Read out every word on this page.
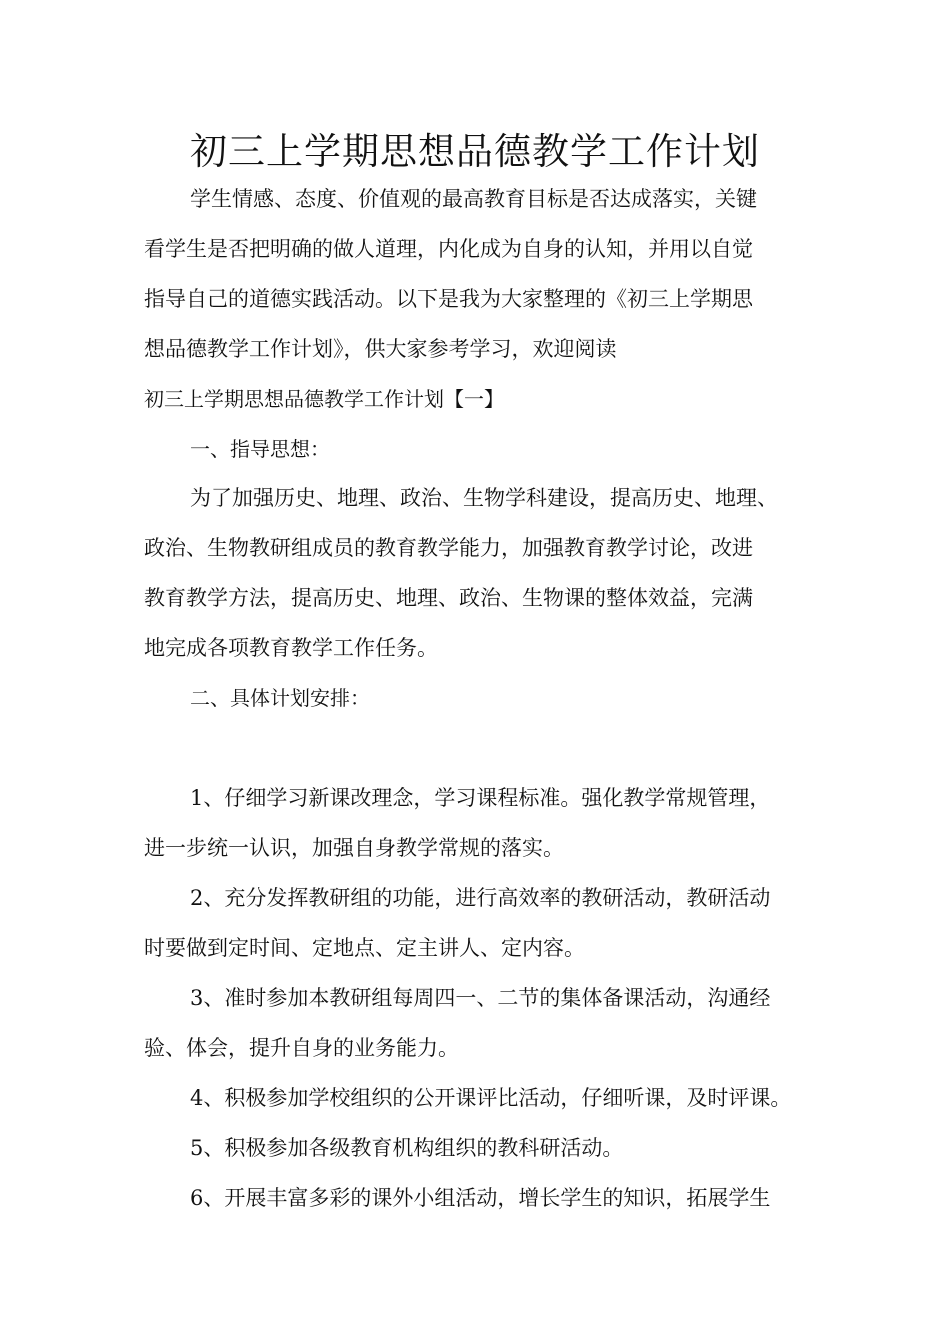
初三上学期思想品德教学工作计划

学生情感、态度、价值观的最高教育目标是否达成落实，关键

看学生是否把明确的做人道理，内化成为自身的认知，并用以自觉

指导自己的道德实践活动。以下是我为大家整理的《初三上学期思

想品德教学工作计划》，供大家参考学习，欢迎阅读

初三上学期思想品德教学工作计划【一】

一、指导思想：

为了加强历史、地理、政治、生物学科建设，提高历史、地理、

政治、生物教研组成员的教育教学能力，加强教育教学讨论，改进

教育教学方法，提高历史、地理、政治、生物课的整体效益，完满

地完成各项教育教学工作任务。

二、具体计划安排：

1、仔细学习新课改理念，学习课程标准。强化教学常规管理，

进一步统一认识，加强自身教学常规的落实。

2、充分发挥教研组的功能，进行高效率的教研活动，教研活动

时要做到定时间、定地点、定主讲人、定内容。

3、准时参加本教研组每周四一、二节的集体备课活动，沟通经

验、体会，提升自身的业务能力。

4、积极参加学校组织的公开课评比活动，仔细听课，及时评课。

5、积极参加各级教育机构组织的教科研活动。

6、开展丰富多彩的课外小组活动，增长学生的知识，拓展学生
